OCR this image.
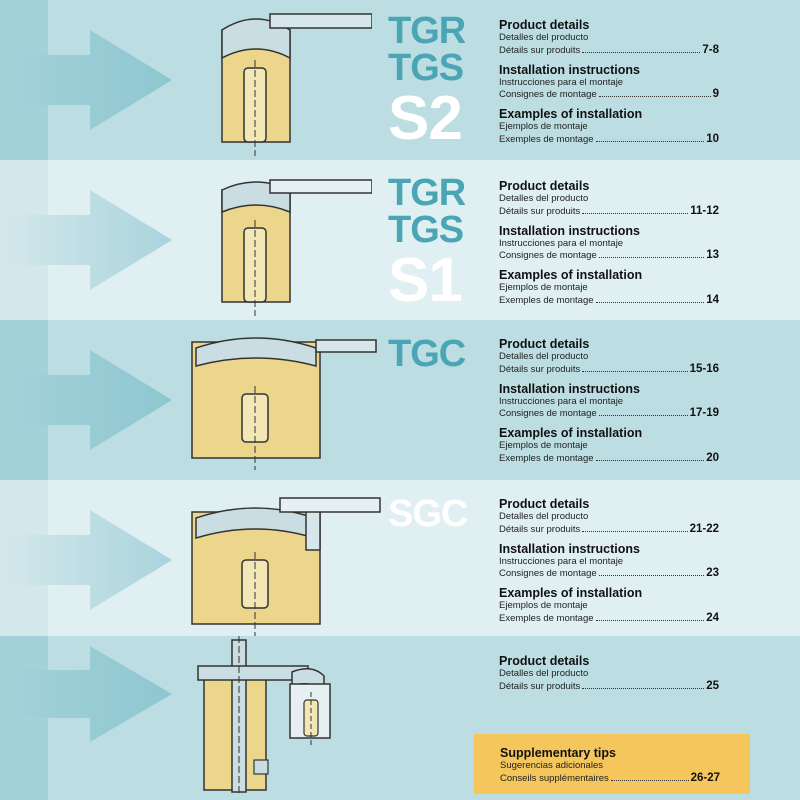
TGR
TGS
S2
Product details
Detalles del producto
Détails sur produits	7-8
Installation instructions
Instrucciones para el montaje
Consignes de montage	9
Examples of installation
Ejemplos de montaje
Exemples de montage	10
TGR
TGS
S1
Product details
Detalles del producto
Détails sur produits	11-12
Installation instructions
Instrucciones para el montaje
Consignes de montage	13
Examples of installation
Ejemplos de montaje
Exemples de montage	14
TGC	Product details
Detalles del producto
Détails sur produits	15-16
Installation instructions
Instrucciones para el montaje
Consignes de montage	17-19
Examples of installation
Ejemplos de montaje
Exemples de montage	20
SGC	Product details
Detalles del producto
Détails sur produits	21-22
Installation instructions
Instrucciones para el montaje
Consignes de montage	23
Examples of installation
Ejemplos de montaje
Exemples de montage	24
Product details
Detalles del producto
Détails sur produits	25
Supplementary tips
Sugerencias adicionales
Conseils supplémentaires	26-27
